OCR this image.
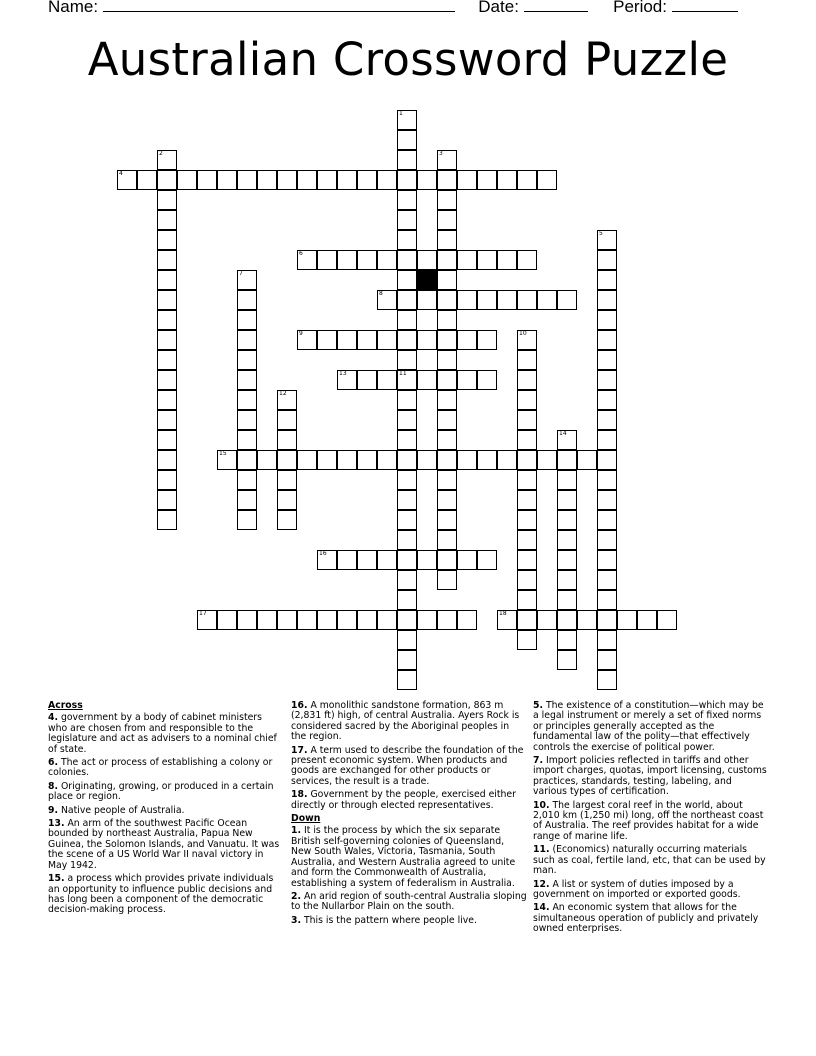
Name:	Date:	Period:
Australian Crossword Puzzle
4
6
8
9
13	11
15
16
17	18
1
2	3
5
7
10
12
14

Across

4. government by a body of cabinet ministers who are chosen from and responsible to the legislature and act as advisers to a nominal chief of state.

6. The act or process of establishing a colony or colonies.

8. Originating, growing, or produced in a certain place or region.

9. Native people of Australia.

13. An arm of the southwest Pacific Ocean bounded by northeast Australia, Papua New Guinea, the Solomon Islands, and Vanuatu. It was the scene of a US World War II naval victory in May 1942.

15. a process which provides private individuals an opportunity to influence public decisions and has long been a component of the democratic decision-making process.

16. A monolithic sandstone formation, 863 m (2,831 ft) high, of central Australia. Ayers Rock is considered sacred by the Aboriginal peoples in the region.

17. A term used to describe the foundation of the present economic system. When products and goods are exchanged for other products or services, the result is a trade.

18. Government by the people, exercised either directly or through elected representatives.

Down

1. It is the process by which the six separate British self-governing colonies of Queensland, New South Wales, Victoria, Tasmania, South Australia, and Western Australia agreed to unite and form the Commonwealth of Australia, establishing a system of federalism in Australia.

2. An arid region of south-central Australia sloping to the Nullarbor Plain on the south.

3. This is the pattern where people live.

5. The existence of a constitution—which may be a legal instrument or merely a set of fixed norms or principles generally accepted as the fundamental law of the polity—that effectively controls the exercise of political power.

7. Import policies reflected in tariffs and other import charges, quotas, import licensing, customs practices, standards, testing, labeling, and various types of certification.

10. The largest coral reef in the world, about 2,010 km (1,250 mi) long, off the northeast coast of Australia. The reef provides habitat for a wide range of marine life.

11. (Economics) naturally occurring materials such as coal, fertile land, etc, that can be used by man.

12. A list or system of duties imposed by a government on imported or exported goods.

14. An economic system that allows for the simultaneous operation of publicly and privately owned enterprises.
